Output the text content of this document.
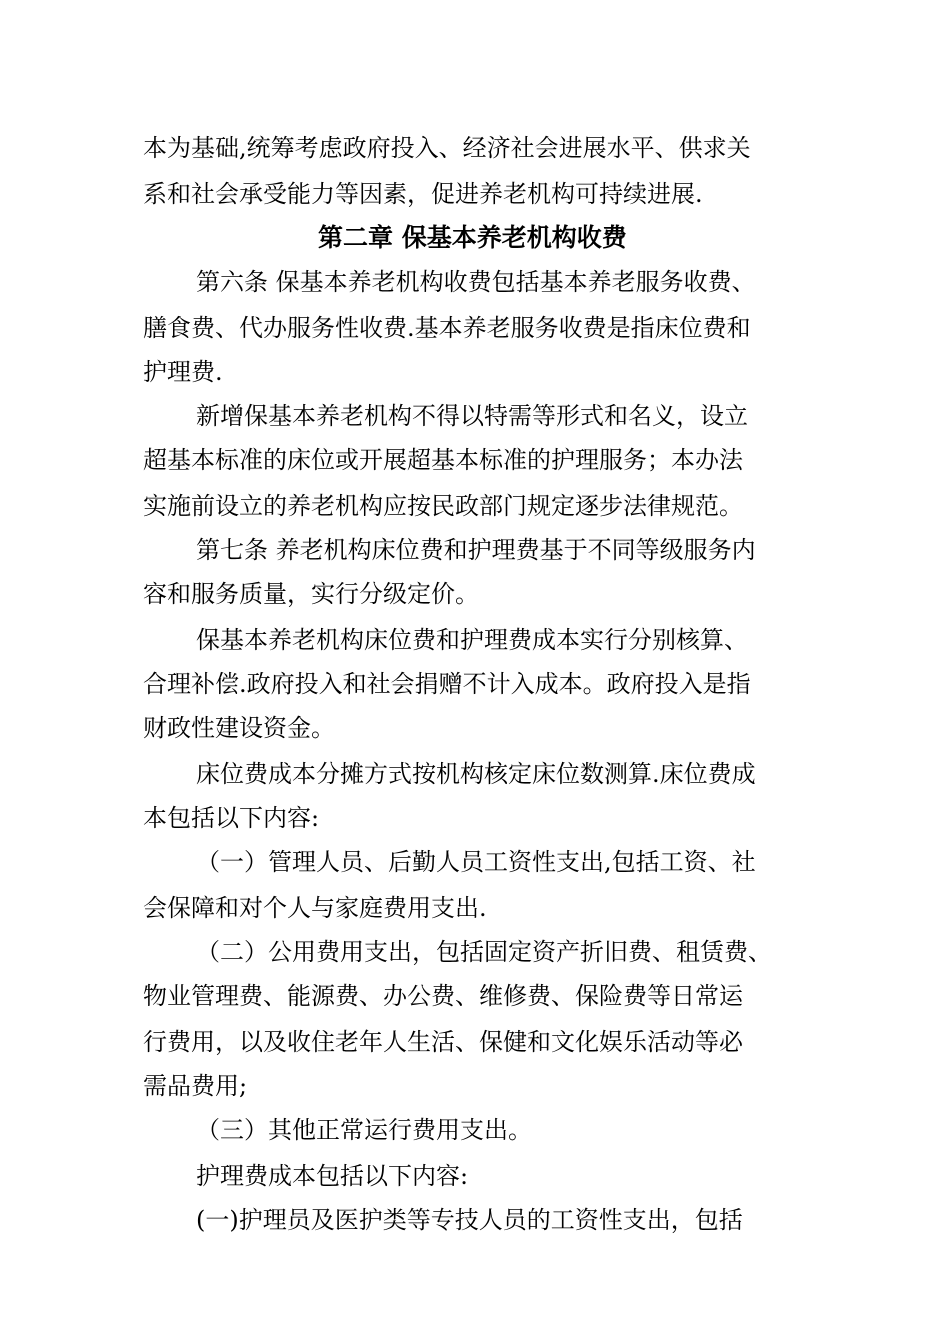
本为基础,统筹考虑政府投入、经济社会进展水平、供求关
系和社会承受能力等因素，促进养老机构可持续进展.
第二章 保基本养老机构收费
第六条 保基本养老机构收费包括基本养老服务收费、
膳食费、代办服务性收费.基本养老服务收费是指床位费和
护理费.
新增保基本养老机构不得以特需等形式和名义，设立
超基本标准的床位或开展超基本标准的护理服务；本办法
实施前设立的养老机构应按民政部门规定逐步法律规范。
第七条 养老机构床位费和护理费基于不同等级服务内
容和服务质量，实行分级定价。
保基本养老机构床位费和护理费成本实行分别核算、
合理补偿.政府投入和社会捐赠不计入成本。政府投入是指
财政性建设资金。
床位费成本分摊方式按机构核定床位数测算.床位费成
本包括以下内容:
（一）管理人员、后勤人员工资性支出,包括工资、社
会保障和对个人与家庭费用支出.
（二）公用费用支出，包括固定资产折旧费、租赁费、
物业管理费、能源费、办公费、维修费、保险费等日常运
行费用，以及收住老年人生活、保健和文化娱乐活动等必
需品费用;
（三）其他正常运行费用支出。
护理费成本包括以下内容:
(一)护理员及医护类等专技人员的工资性支出，包括
